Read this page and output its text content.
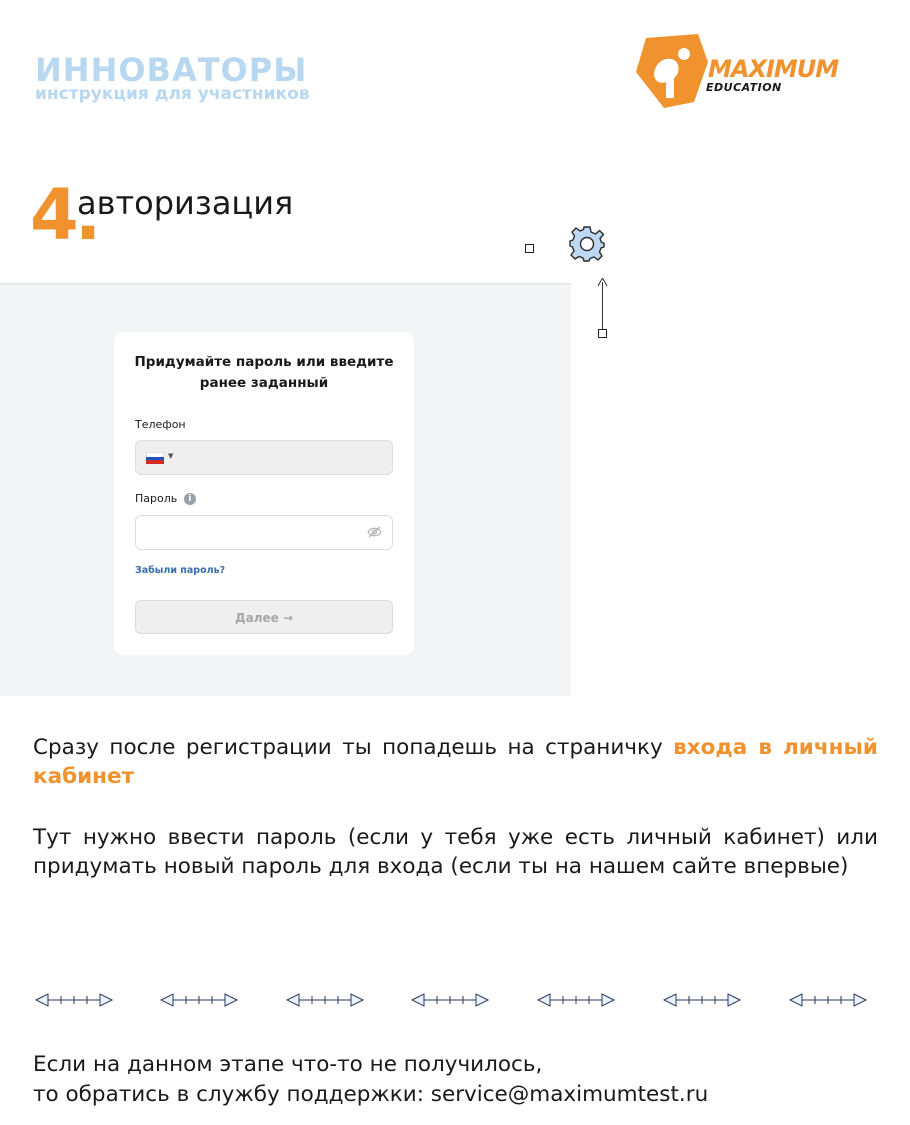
ИННОВАТОРЫ

инструкция для участников

MAXIMUM
EDUCATION
4.
авторизация

Придумайте пароль или введите ранее заданный

Телефон
▼
Пароль i
Забыли пароль?
Далее →

Сразу после регистрации ты попадешь на страничку входа в личный кабинет

Тут нужно ввести пароль (если у тебя уже есть личный кабинет) или придумать новый пароль для входа (если ты на нашем сайте впервые)

Если на данном этапе что-то не получилось,
то обратись в службу поддержки: service@maximumtest.ru
